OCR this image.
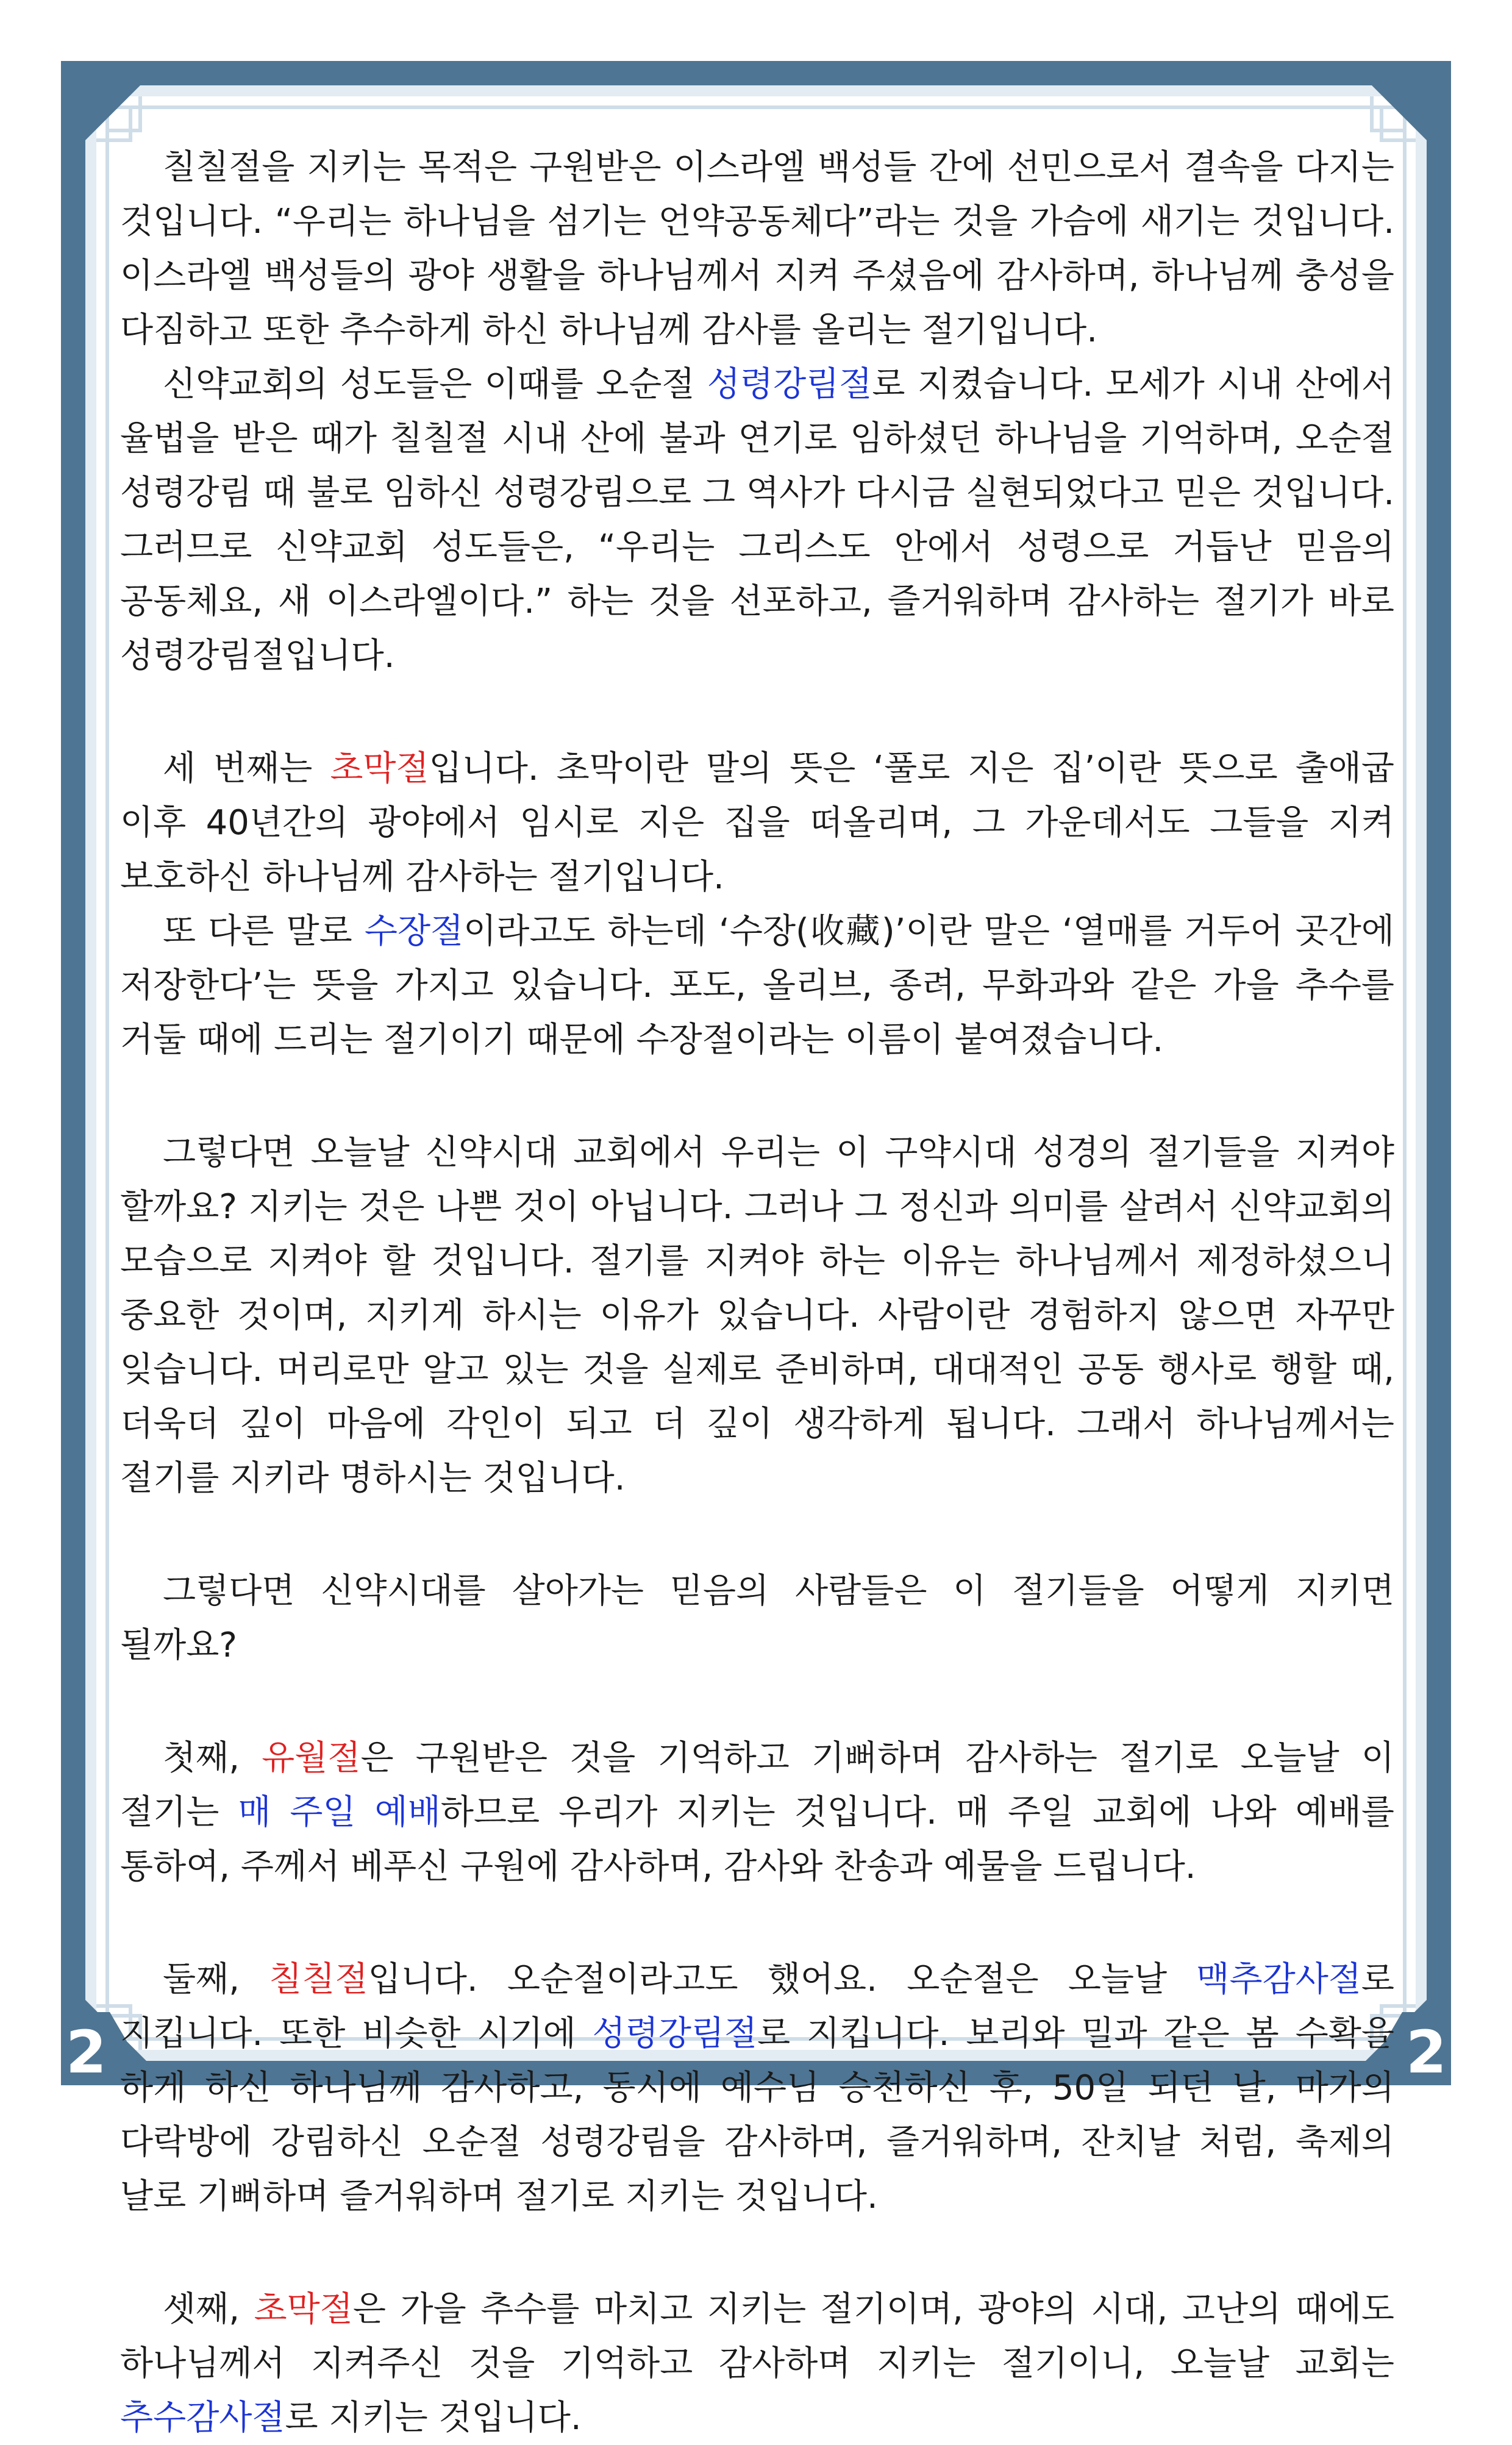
2	2

칠칠절을 지키는 목적은 구원받은 이스라엘 백성들 간에 선민으로서 결속을 다지는 것입니다. “우리는 하나님을 섬기는 언약공동체다”라는 것을 가슴에 새기는 것입니다. 이스라엘 백성들의 광야 생활을 하나님께서 지켜 주셨음에 감사하며, 하나님께 충성을 다짐하고 또한 추수하게 하신 하나님께 감사를 올리는 절기입니다.

신약교회의 성도들은 이때를 오순절 성령강림절로 지켰습니다. 모세가 시내 산에서 율법을 받은 때가 칠칠절 시내 산에 불과 연기로 임하셨던 하나님을 기억하며, 오순절 성령강림 때 불로 임하신 성령강림으로 그 역사가 다시금 실현되었다고 믿은 것입니다. 그러므로 신약교회 성도들은, “우리는 그리스도 안에서 성령으로 거듭난 믿음의 공동체요, 새 이스라엘이다.” 하는 것을 선포하고, 즐거워하며 감사하는 절기가 바로 성령강림절입니다.

세 번째는 초막절입니다. 초막이란 말의 뜻은 ‘풀로 지은 집’이란 뜻으로 출애굽 이후 40년간의 광야에서 임시로 지은 집을 떠올리며, 그 가운데서도 그들을 지켜 보호하신 하나님께 감사하는 절기입니다.

또 다른 말로 수장절이라고도 하는데 ‘수장(收藏)’이란 말은 ‘열매를 거두어 곳간에 저장한다’는 뜻을 가지고 있습니다. 포도, 올리브, 종려, 무화과와 같은 가을 추수를 거둘 때에 드리는 절기이기 때문에 수장절이라는 이름이 붙여졌습니다.

그렇다면 오늘날 신약시대 교회에서 우리는 이 구약시대 성경의 절기들을 지켜야 할까요? 지키는 것은 나쁜 것이 아닙니다. 그러나 그 정신과 의미를 살려서 신약교회의 모습으로 지켜야 할 것입니다. 절기를 지켜야 하는 이유는 하나님께서 제정하셨으니 중요한 것이며, 지키게 하시는 이유가 있습니다. 사람이란 경험하지 않으면 자꾸만 잊습니다. 머리로만 알고 있는 것을 실제로 준비하며, 대대적인 공동 행사로 행할 때, 더욱더 깊이 마음에 각인이 되고 더 깊이 생각하게 됩니다. 그래서 하나님께서는 절기를 지키라 명하시는 것입니다.

그렇다면 신약시대를 살아가는 믿음의 사람들은 이 절기들을 어떻게 지키면 될까요?

첫째, 유월절은 구원받은 것을 기억하고 기뻐하며 감사하는 절기로 오늘날 이 절기는 매 주일 예배하므로 우리가 지키는 것입니다. 매 주일 교회에 나와 예배를 통하여, 주께서 베푸신 구원에 감사하며, 감사와 찬송과 예물을 드립니다.

둘째, 칠칠절입니다. 오순절이라고도 했어요. 오순절은 오늘날 맥추감사절로 지킵니다. 또한 비슷한 시기에 성령강림절로 지킵니다. 보리와 밀과 같은 봄 수확을 하게 하신 하나님께 감사하고, 동시에 예수님 승천하신 후, 50일 되던 날, 마가의 다락방에 강림하신 오순절 성령강림을 감사하며, 즐거워하며, 잔치날 처럼, 축제의 날로 기뻐하며 즐거워하며 절기로 지키는 것입니다.

셋째, 초막절은 가을 추수를 마치고 지키는 절기이며, 광야의 시대, 고난의 때에도 하나님께서 지켜주신 것을 기억하고 감사하며 지키는 절기이니, 오늘날 교회는 추수감사절로 지키는 것입니다.
